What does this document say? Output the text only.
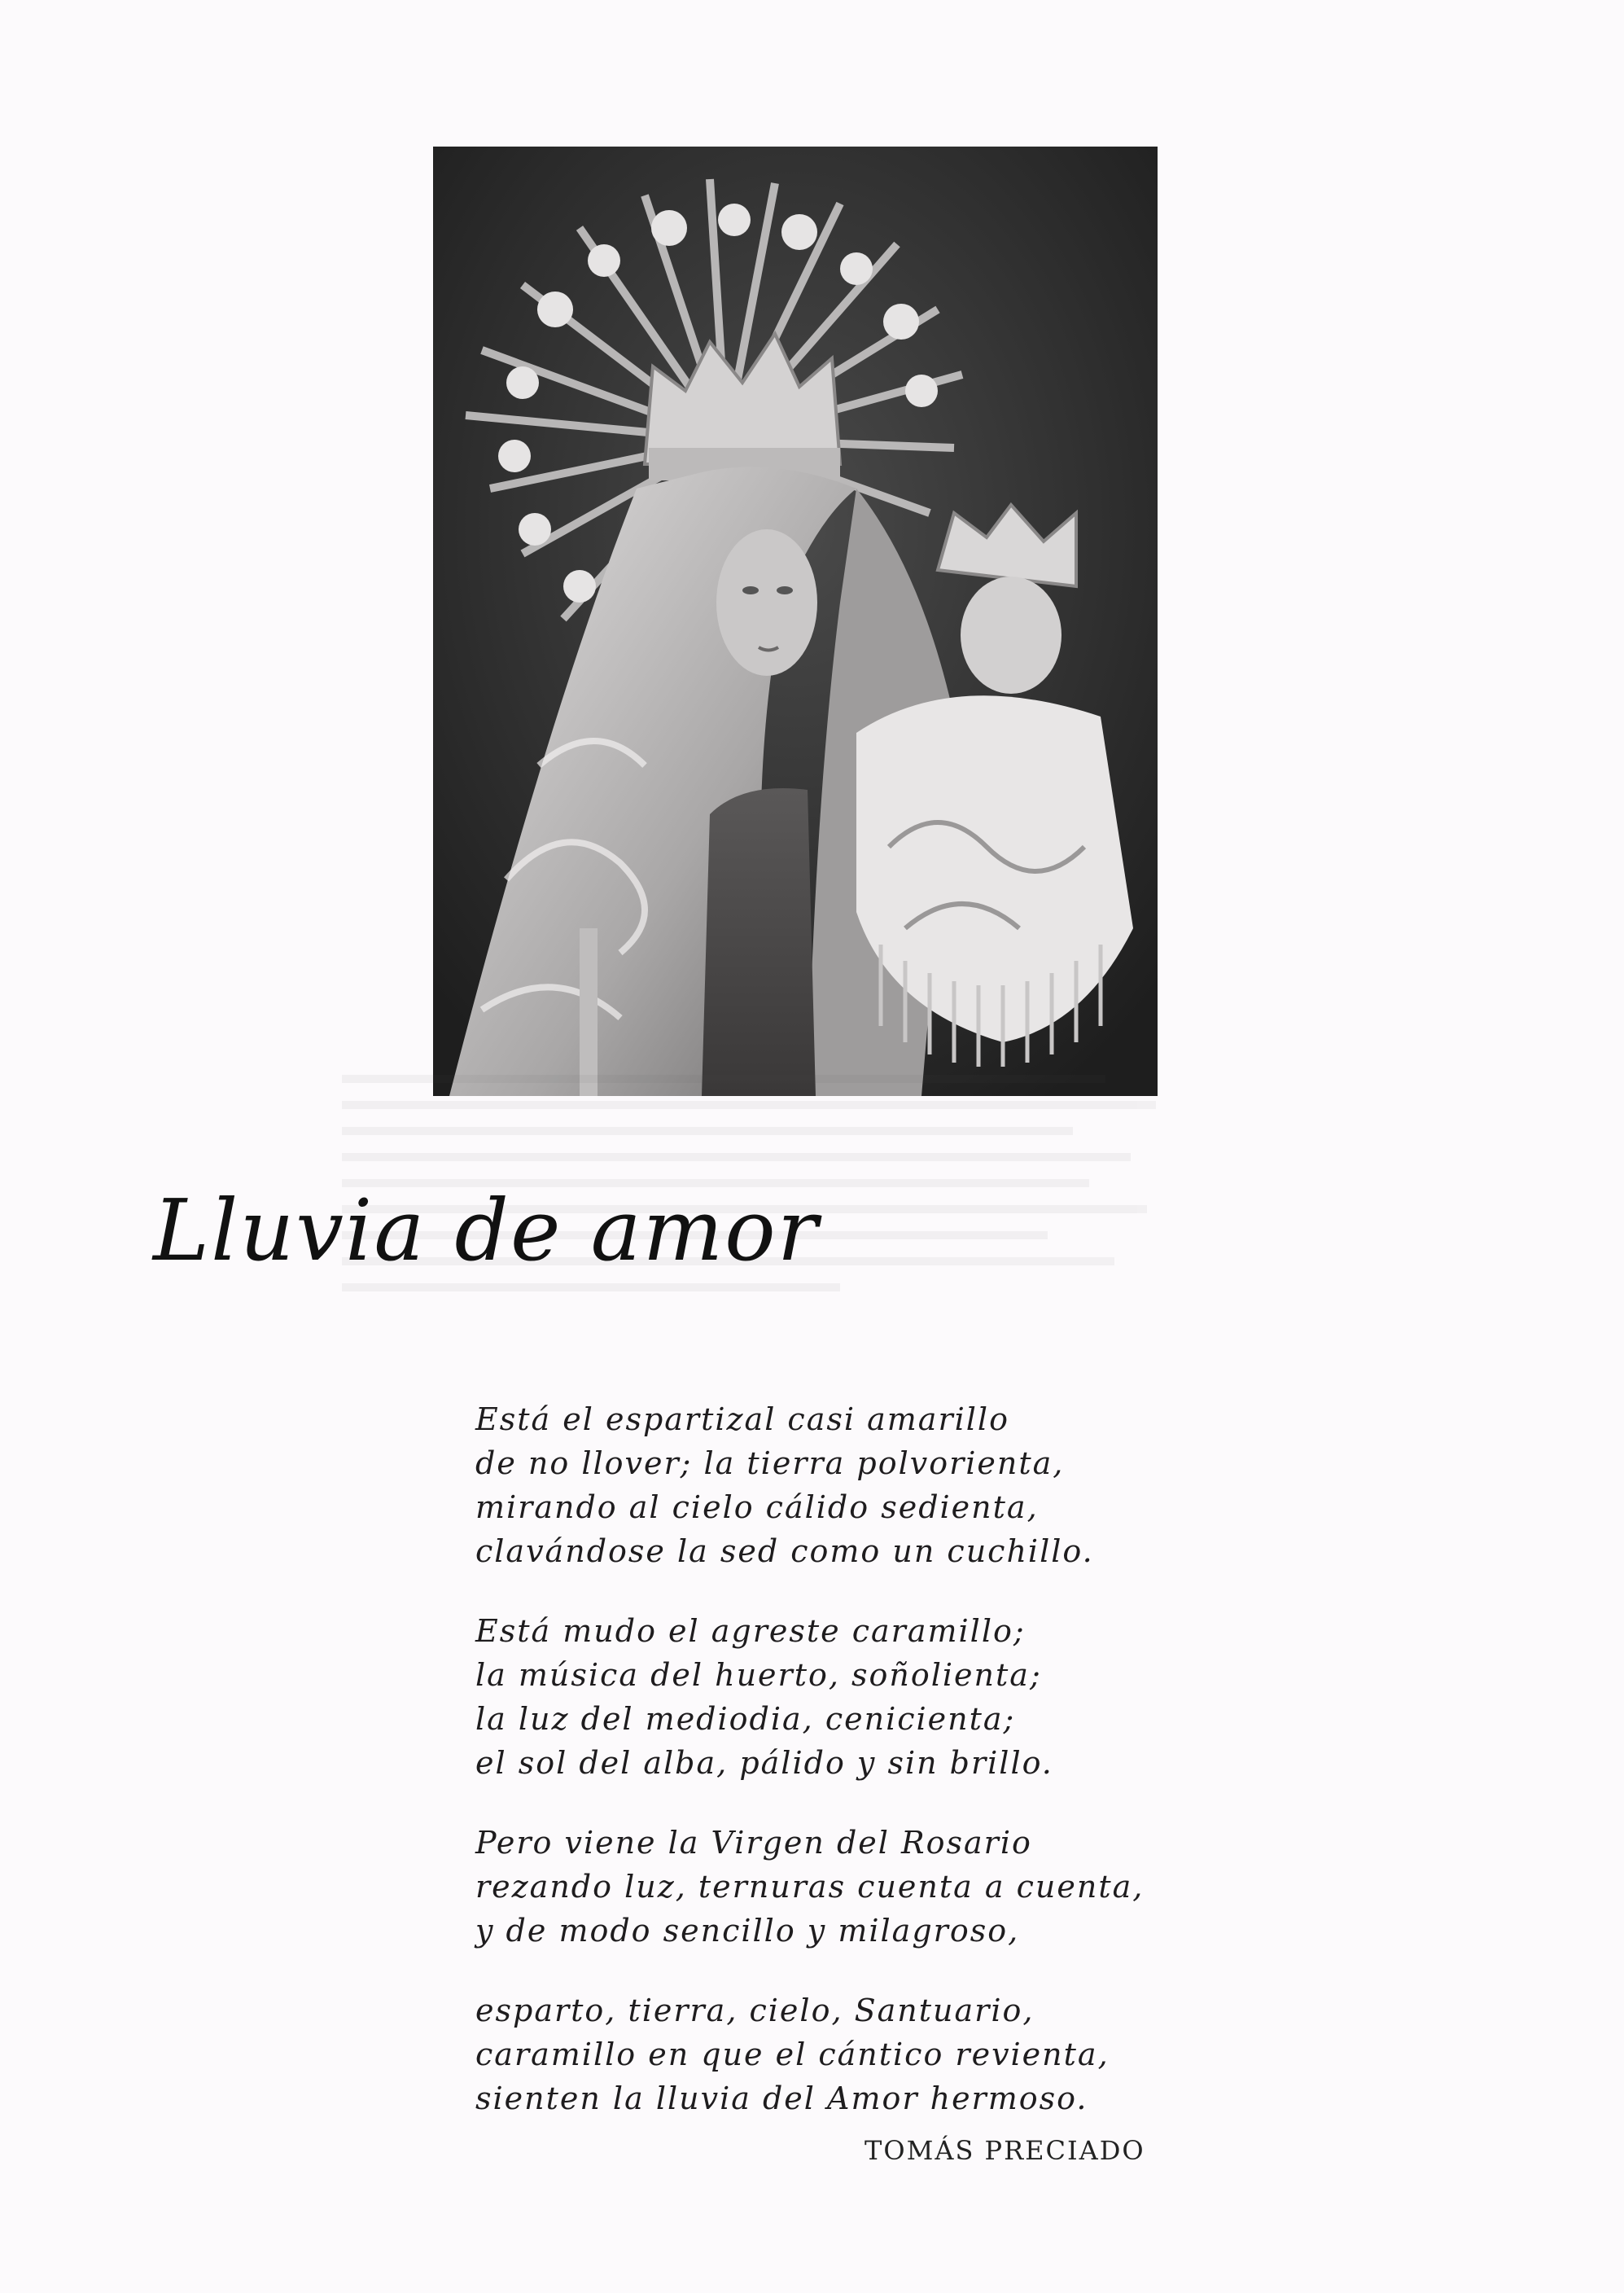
Lluvia de amor
Está el espartizal casi amarillo
de no llover; la tierra polvorienta,
mirando al cielo cálido sedienta,
clavándose la sed como un cuchillo.
Está mudo el agreste caramillo;
la música del huerto, soñolienta;
la luz del mediodia, cenicienta;
el sol del alba, pálido y sin brillo.
Pero viene la Virgen del Rosario
rezando luz, ternuras cuenta a cuenta,
y de modo sencillo y milagroso,
esparto, tierra, cielo, Santuario,
caramillo en que el cántico revienta,
sienten la lluvia del Amor hermoso.
TOMÁS PRECIADO
